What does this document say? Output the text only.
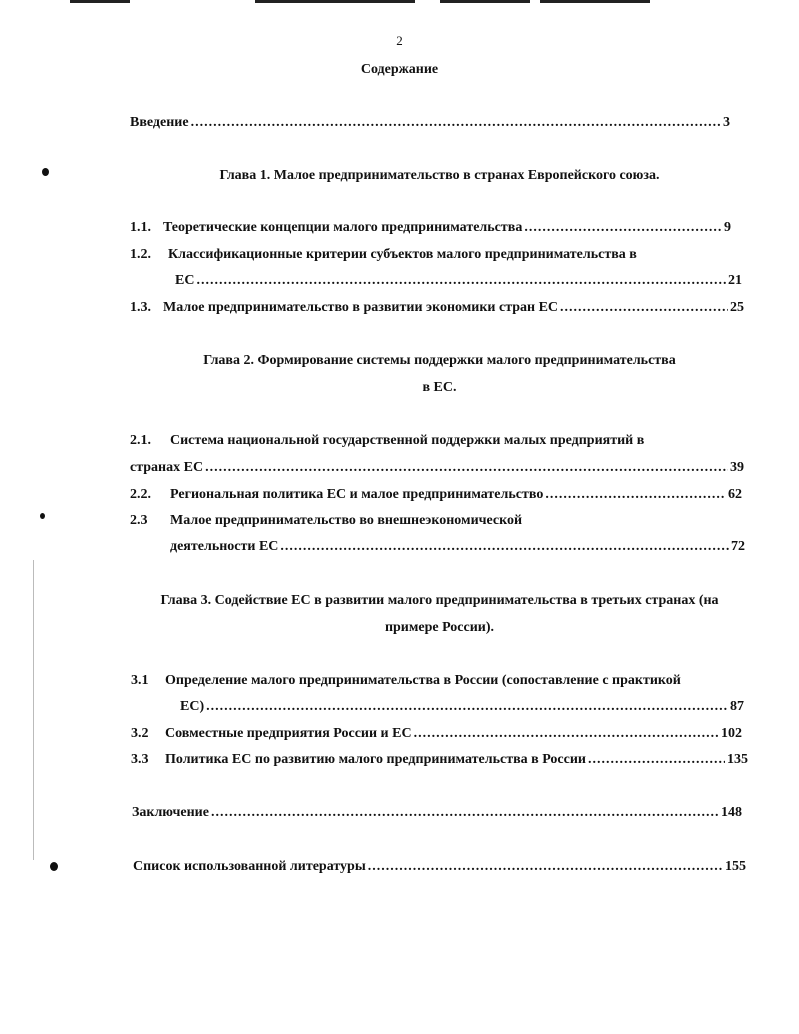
2
Содержание
Введение .....	3
Глава 1. Малое предпринимательство в странах Европейского союза.
1.1. Теоретические концепции малого предпринимательства .....	9
1.2. Классификационные критерии субъектов малого предпринимательства в
ЕС .....	21
1.3. Малое предпринимательство в развитии экономики стран ЕС .....	25
Глава 2. Формирование системы поддержки малого предпринимательства
в ЕС.
2.1. Система национальной государственной поддержки малых предприятий в
странах ЕС .....	39
2.2. Региональная политика ЕС и малое предпринимательство .....	62
2.3 Малое предпринимательство во внешнеэкономической
деятельности ЕС .....	72
Глава 3. Содействие ЕС в развитии малого предпринимательства в третьих странах (на
примере России).
3.1 Определение малого предпринимательства в России (сопоставление с практикой
ЕС) .....	87
3.2 Совместные предприятия России и ЕС .....	102
3.3 Политика ЕС по развитию малого предпринимательства в России .....	135
Заключение .....	148
Список использованной литературы .....	155
